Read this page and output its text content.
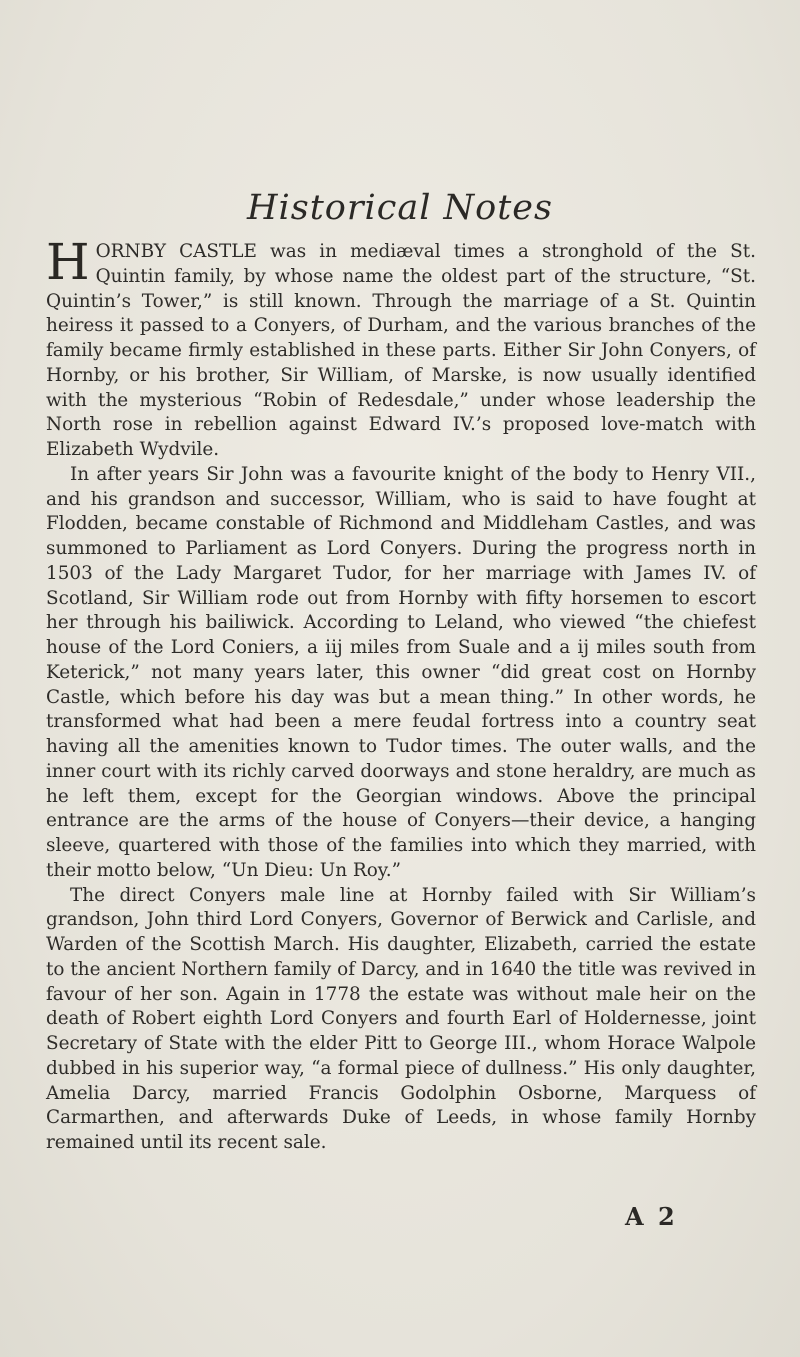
Historical Notes

HORNBY CASTLE was in mediæval times a stronghold of the St. Quintin family, by whose name the oldest part of the structure, “St. Quintin’s Tower,” is still known. Through the marriage of a St. Quintin heiress it passed to a Conyers, of Durham, and the various branches of the family became firmly established in these parts. Either Sir John Conyers, of Hornby, or his brother, Sir William, of Marske, is now usually identified with the mysterious “Robin of Redesdale,” under whose leadership the North rose in rebellion against Edward IV.’s proposed love-match with Elizabeth Wydvile.

In after years Sir John was a favourite knight of the body to Henry VII., and his grandson and successor, William, who is said to have fought at Flodden, became constable of Richmond and Middleham Castles, and was summoned to Parliament as Lord Conyers. During the progress north in 1503 of the Lady Margaret Tudor, for her marriage with James IV. of Scotland, Sir William rode out from Hornby with fifty horsemen to escort her through his bailiwick. According to Leland, who viewed “the chiefest house of the Lord Coniers, a iij miles from Suale and a ij miles south from Keterick,” not many years later, this owner “did great cost on Hornby Castle, which before his day was but a mean thing.” In other words, he transformed what had been a mere feudal fortress into a country seat having all the amenities known to Tudor times. The outer walls, and the inner court with its richly carved doorways and stone heraldry, are much as he left them, except for the Georgian windows. Above the principal entrance are the arms of the house of Conyers—their device, a hanging sleeve, quartered with those of the families into which they married, with their motto below, “Un Dieu: Un Roy.”

The direct Conyers male line at Hornby failed with Sir William’s grandson, John third Lord Conyers, Governor of Berwick and Carlisle, and Warden of the Scottish March. His daughter, Elizabeth, carried the estate to the ancient Northern family of Darcy, and in 1640 the title was revived in favour of her son. Again in 1778 the estate was without male heir on the death of Robert eighth Lord Conyers and fourth Earl of Holdernesse, joint Secretary of State with the elder Pitt to George III., whom Horace Walpole dubbed in his superior way, “a formal piece of dullness.” His only daughter, Amelia Darcy, married Francis Godolphin Osborne, Marquess of Carmarthen, and afterwards Duke of Leeds, in whose family Hornby remained until its recent sale.

A 2
